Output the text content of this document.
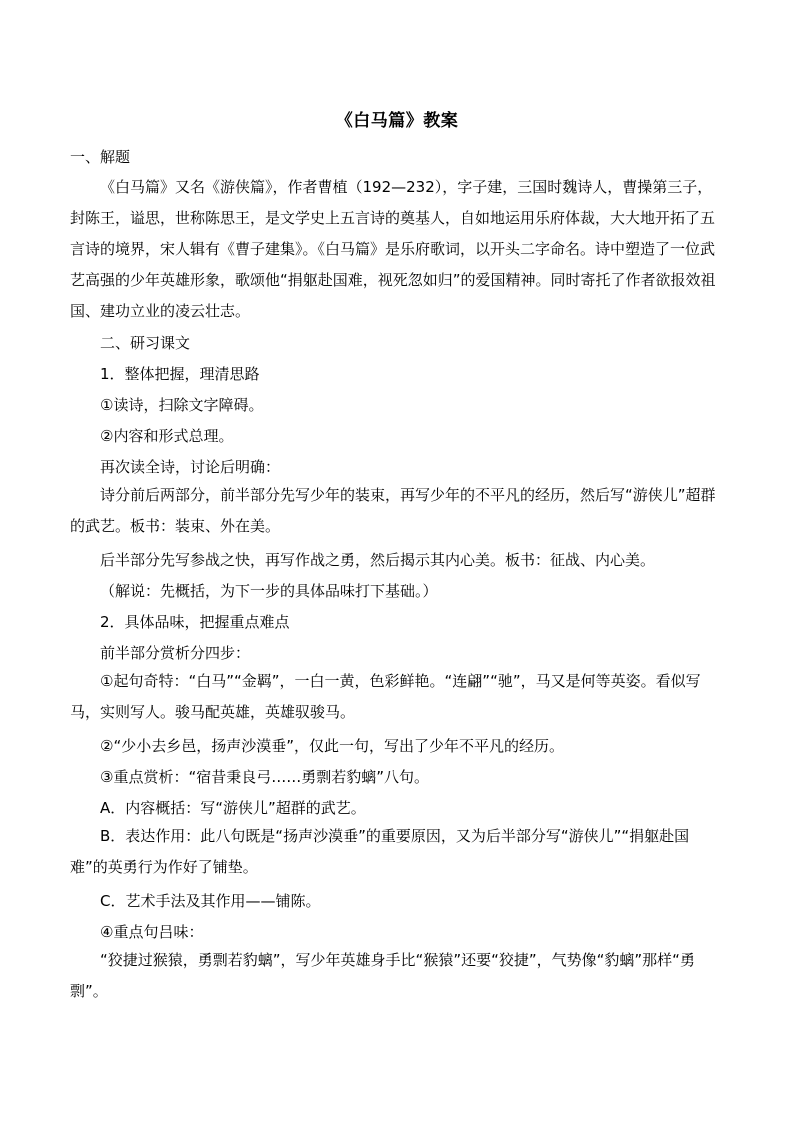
《白马篇》教案
一、解题
《白马篇》又名《游侠篇》，作者曹植（192—232），字子建，三国时魏诗人，曹操第三子，封陈王，谥思，世称陈思王，是文学史上五言诗的奠基人，自如地运用乐府体裁，大大地开拓了五言诗的境界，宋人辑有《曹子建集》。《白马篇》是乐府歌词，以开头二字命名。诗中塑造了一位武艺高强的少年英雄形象，歌颂他“捐躯赴国难，视死忽如归”的爱国精神。同时寄托了作者欲报效祖国、建功立业的凌云壮志。
二、研习课文
1．整体把握，理清思路
①读诗，扫除文字障碍。
②内容和形式总理。
再次读全诗，讨论后明确：
诗分前后两部分，前半部分先写少年的装束，再写少年的不平凡的经历，然后写“游侠儿”超群的武艺。板书：装束、外在美。
后半部分先写参战之快，再写作战之勇，然后揭示其内心美。板书：征战、内心美。
（解说：先概括，为下一步的具体品味打下基础。）
2．具体品味，把握重点难点
前半部分赏析分四步：
①起句奇特：“白马”“金羁”，一白一黄，色彩鲜艳。“连翩”“驰”，马又是何等英姿。看似写马，实则写人。骏马配英雄，英雄驭骏马。
②“少小去乡邑，扬声沙漠垂”，仅此一句，写出了少年不平凡的经历。
③重点赏析：“宿昔秉良弓……勇剽若豹螭”八句。
A．内容概括：写“游侠儿”超群的武艺。
B．表达作用：此八句既是“扬声沙漠垂”的重要原因，又为后半部分写“游侠儿”“捐躯赴国难”的英勇行为作好了铺垫。
C．艺术手法及其作用——铺陈。
④重点句吕味：
“狡捷过猴猿，勇剽若豹螭”，写少年英雄身手比“猴猿”还要“狡捷”，气势像“豹螭”那样“勇剽”。
